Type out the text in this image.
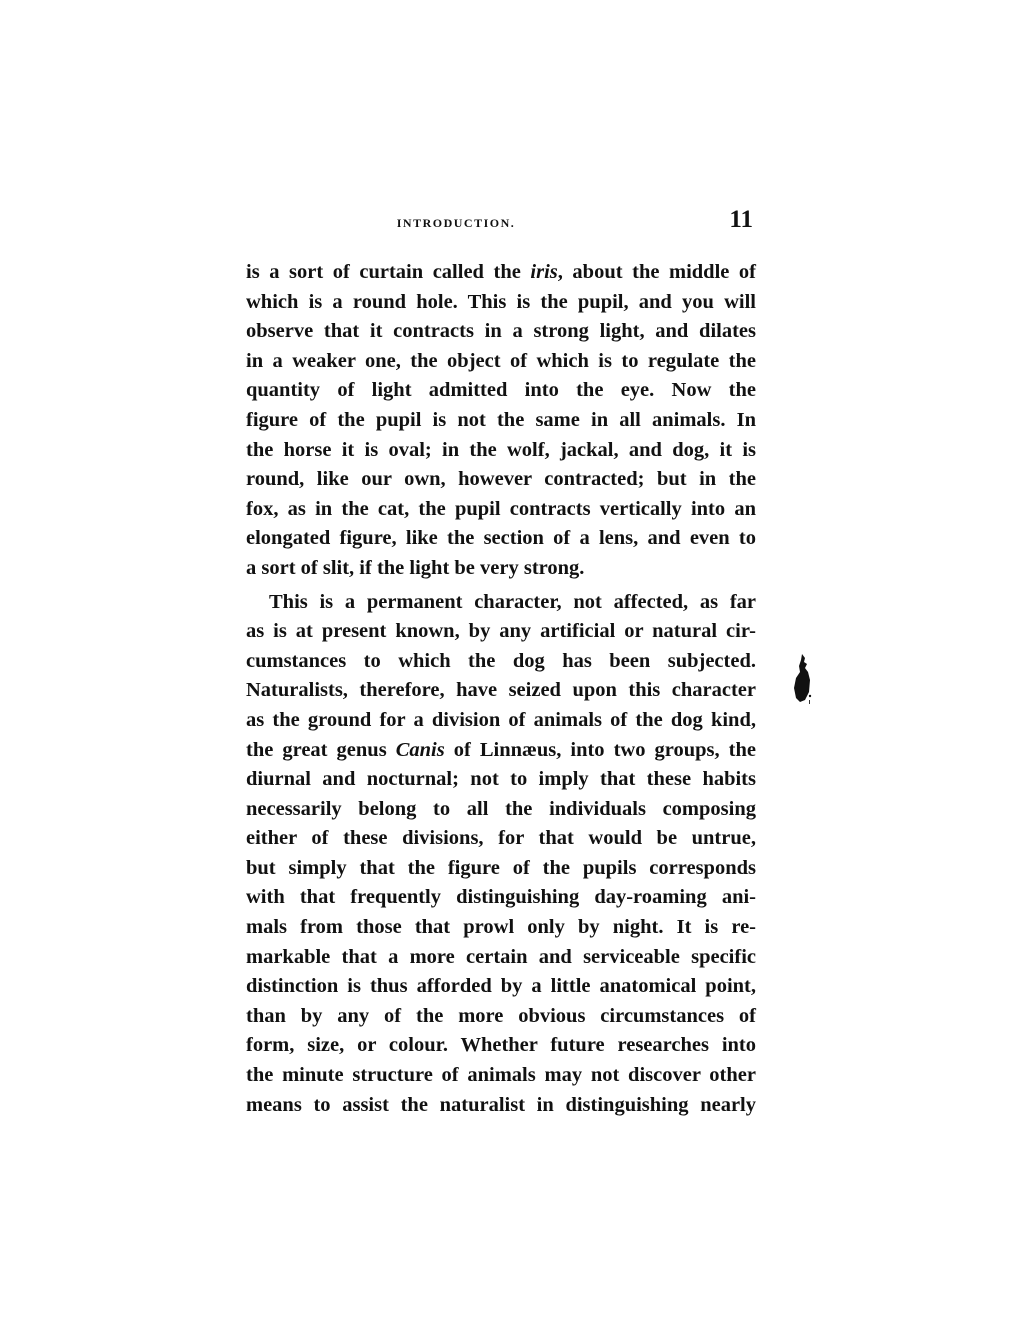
INTRODUCTION.	11
is a sort of curtain called the iris, about the middle of
which is a round hole. This is the pupil, and you will
observe that it contracts in a strong light, and dilates
in a weaker one, the object of which is to regulate the
quantity of light admitted into the eye. Now the
figure of the pupil is not the same in all animals. In
the horse it is oval; in the wolf, jackal, and dog, it is
round, like our own, however contracted; but in the
fox, as in the cat, the pupil contracts vertically into an
elongated figure, like the section of a lens, and even to
a sort of slit, if the light be very strong.
This is a permanent character, not affected, as far
as is at present known, by any artificial or natural cir-
cumstances to which the dog has been subjected.
Naturalists, therefore, have seized upon this character
as the ground for a division of animals of the dog kind,
the great genus Canis of Linnæus, into two groups, the
diurnal and nocturnal; not to imply that these habits
necessarily belong to all the individuals composing
either of these divisions, for that would be untrue,
but simply that the figure of the pupils corresponds
with that frequently distinguishing day-roaming ani-
mals from those that prowl only by night. It is re-
markable that a more certain and serviceable specific
distinction is thus afforded by a little anatomical point,
than by any of the more obvious circumstances of
form, size, or colour. Whether future researches into
the minute structure of animals may not discover other
means to assist the naturalist in distinguishing nearly
